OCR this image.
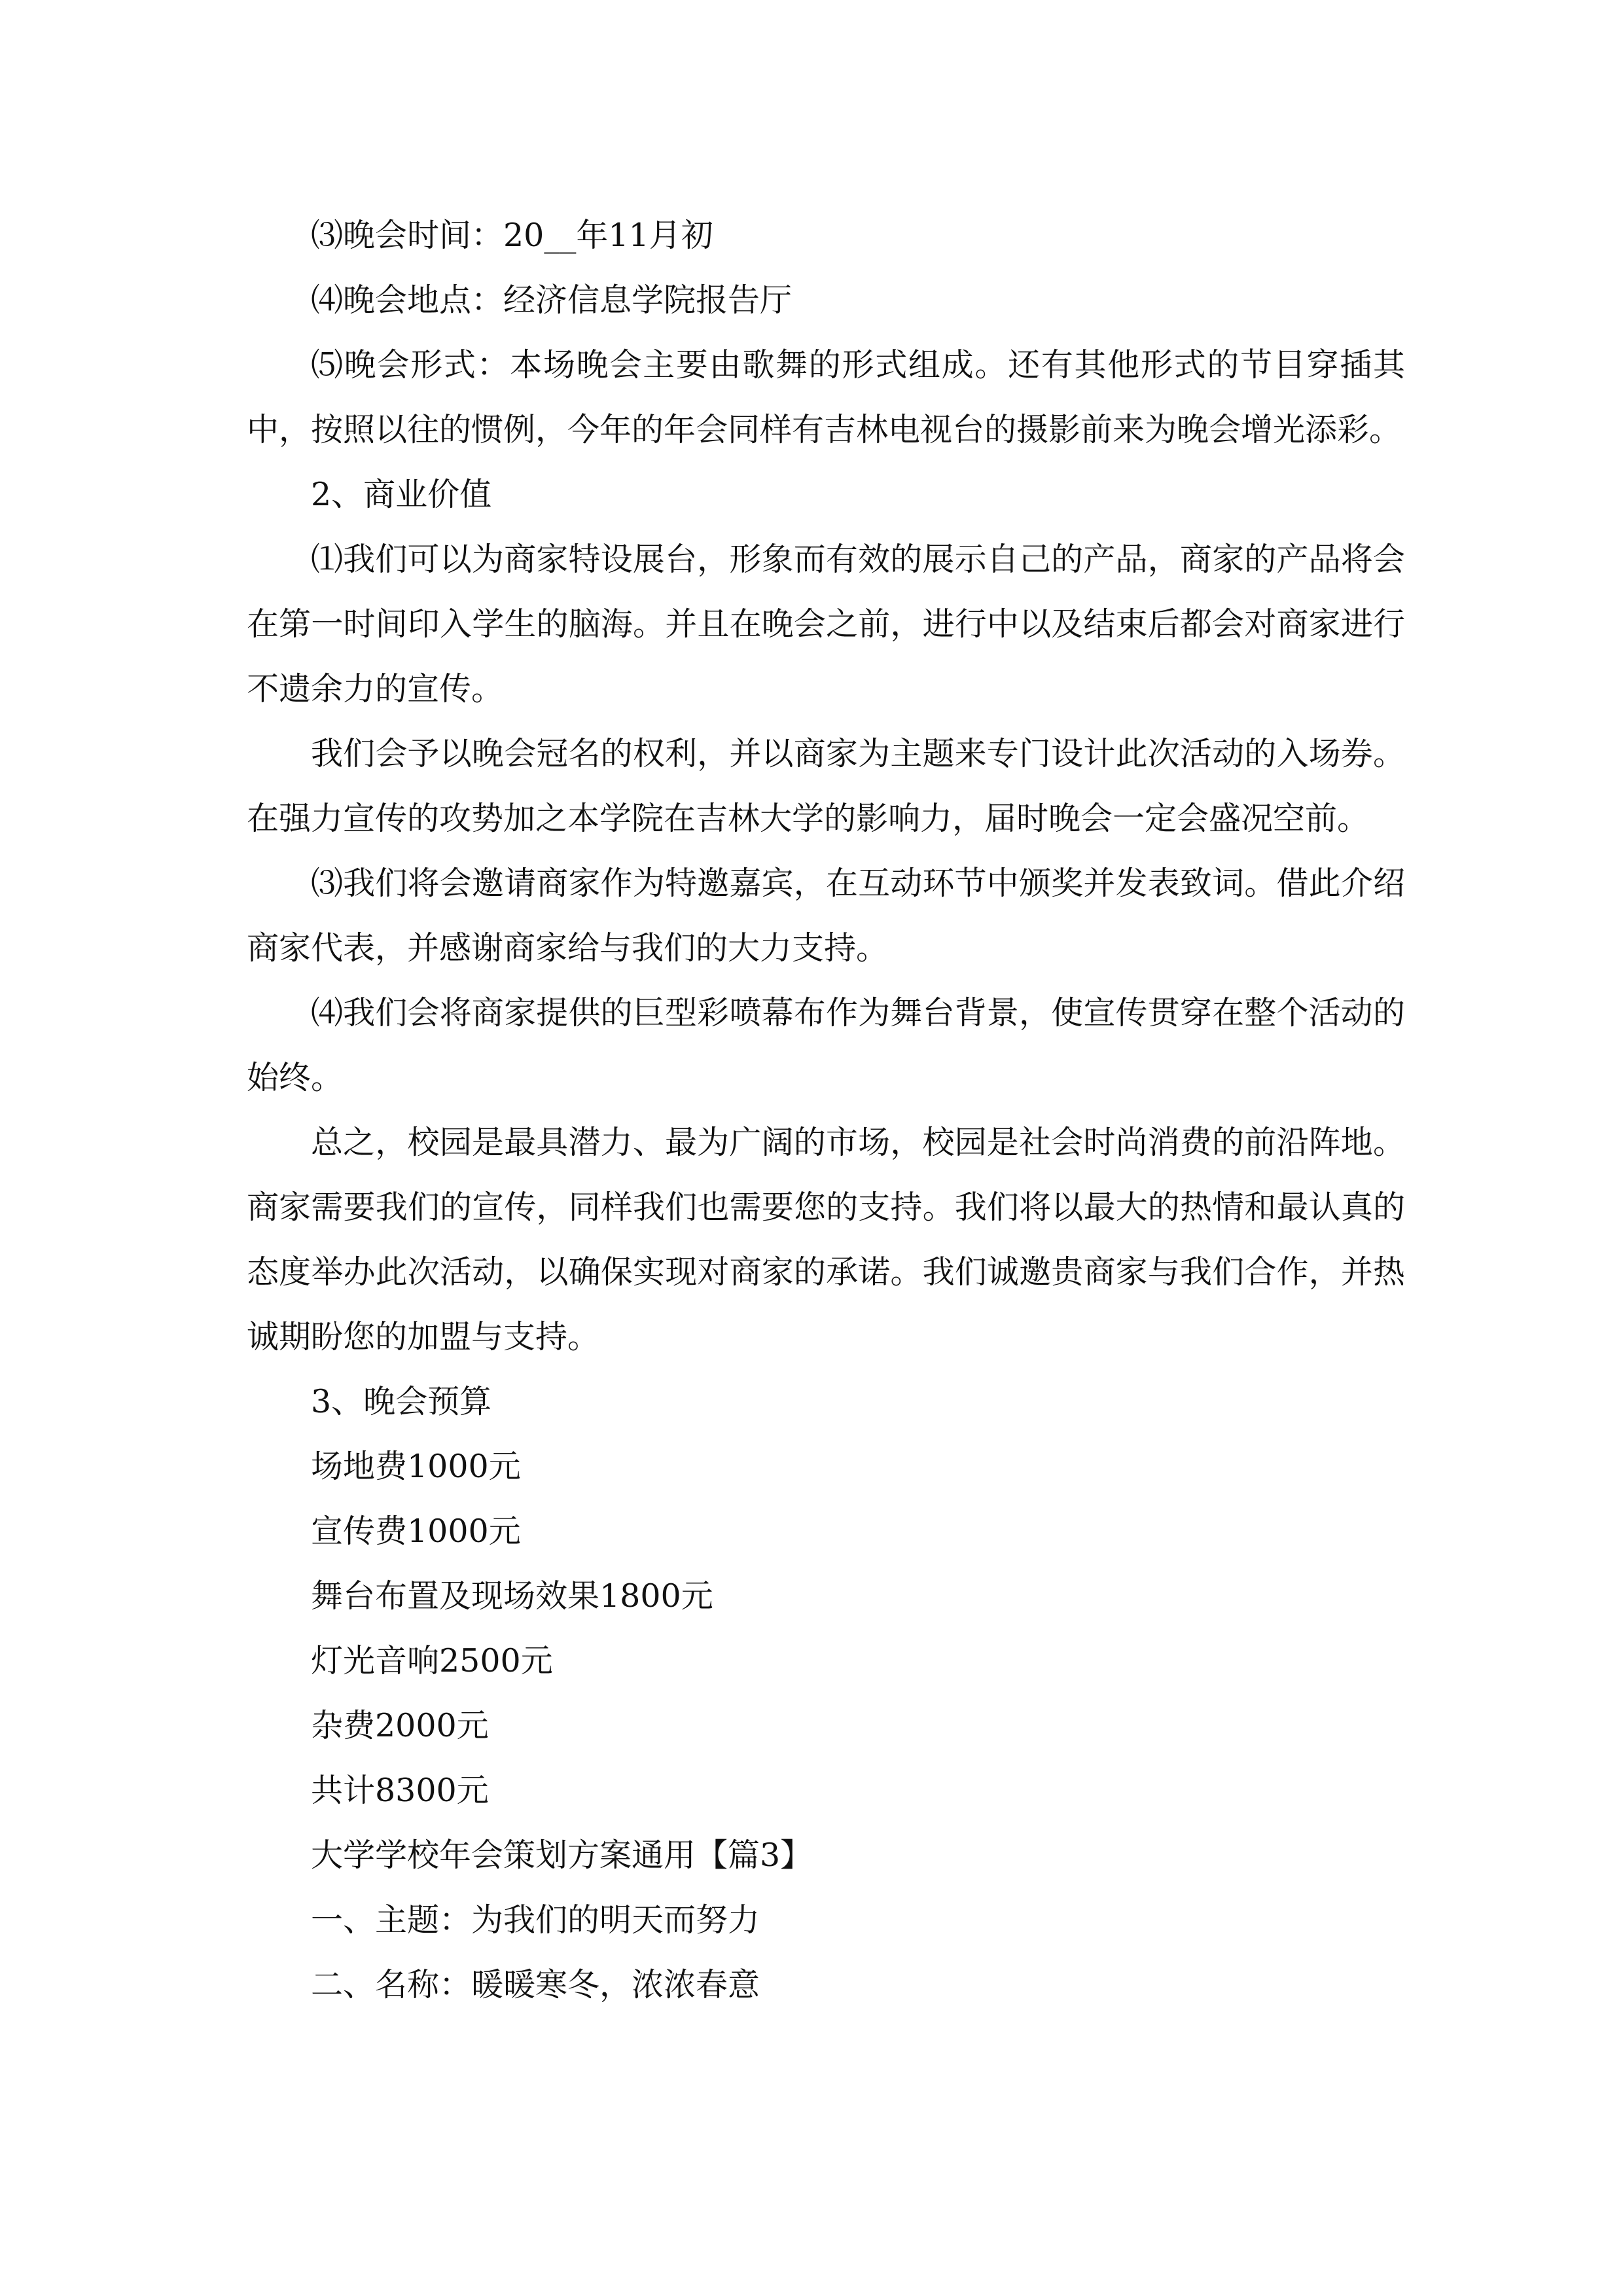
⑶晚会时间：20__年11月初

⑷晚会地点：经济信息学院报告厅

⑸晚会形式：本场晚会主要由歌舞的形式组成。还有其他形式的节目穿插其中，按照以往的惯例，今年的年会同样有吉林电视台的摄影前来为晚会增光添彩。

2、商业价值

⑴我们可以为商家特设展台，形象而有效的展示自己的产品，商家的产品将会在第一时间印入学生的脑海。并且在晚会之前，进行中以及结束后都会对商家进行不遗余力的宣传。

我们会予以晚会冠名的权利，并以商家为主题来专门设计此次活动的入场券。在强力宣传的攻势加之本学院在吉林大学的影响力，届时晚会一定会盛况空前。

⑶我们将会邀请商家作为特邀嘉宾，在互动环节中颁奖并发表致词。借此介绍商家代表，并感谢商家给与我们的大力支持。

⑷我们会将商家提供的巨型彩喷幕布作为舞台背景，使宣传贯穿在整个活动的始终。

总之，校园是最具潜力、最为广阔的市场，校园是社会时尚消费的前沿阵地。商家需要我们的宣传，同样我们也需要您的支持。我们将以最大的热情和最认真的态度举办此次活动，以确保实现对商家的承诺。我们诚邀贵商家与我们合作，并热诚期盼您的加盟与支持。

3、晚会预算

场地费1000元

宣传费1000元

舞台布置及现场效果1800元

灯光音响2500元

杂费2000元

共计8300元

大学学校年会策划方案通用【篇3】

一、主题：为我们的明天而努力

二、名称：暖暖寒冬，浓浓春意
